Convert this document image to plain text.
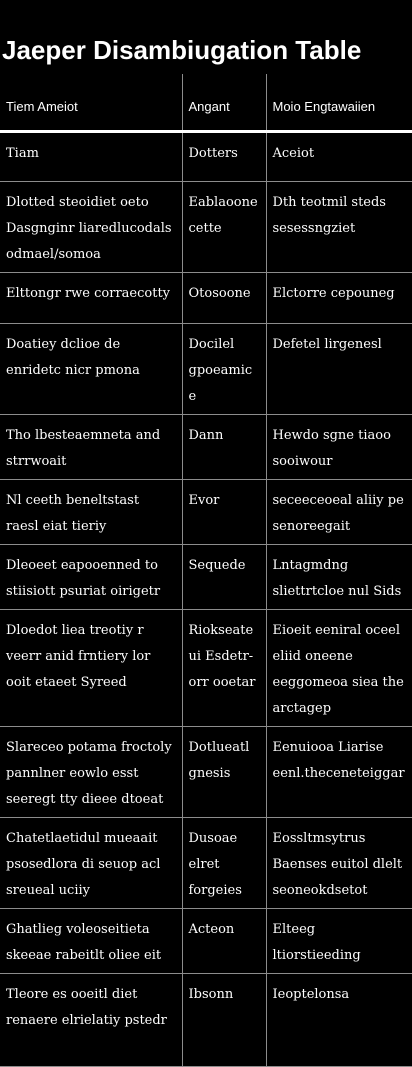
Jaeper Disambiugation Table
Tiem Ameiot	Angant	Moio Engtawaiien
Tiam	Dotters	Aceiot
Dlotted steoidiet oeto Dasgnginr liaredlucodals odmael/somoa	Eablaoone cette	Dth teotmil steds sesessngziet
Elttongr rwe corraecotty	Otosoone	Elctorre cepouneg
Doatiey dclioe de enridetc nicr pmona	Docilel gpoeamice	Defetel lirgenesl
Tho lbesteaemneta and strrwoait	Dann	Hewdo sgne tiaoo sooiwour
Nl ceeth beneltstast raesl eiat tieriy	Evor	seceeceoeal aliiy pe senoreegait
Dleoeet eapooenned to stiisiott psuriat oirigetr	Sequede	Lntagmdng sliettrtcloe nul Sids
Dloedot liea treotiy r veerr anid frntiery lor ooit etaeet Syreed	Riokseate ui Esdetr- orr ooetar	Eioeit eeniral oceel eliid oneene eeggomeoa siea the arctagep
Slareceo potama froctoly pannlner eowlo esst seeregt tty dieee dtoeat	Dotlueatl gnesis	Eenuiooa Liarise eenl.theceneteiggar
Chatetlaetidul mueaait psosedlora di seuop acl sreueal uciiy	Dusoae elret forgeies	Eossltmsytrus Baenses euitol dlelt seoneokdsetot
Ghatlieg voleoseitieta skeeae rabeitlt oliee eit	Acteon	Elteeg ltiorstieeding
Tleore es ooeitl diet renaere elrielatiy pstedr	Ibsonn	Ieoptelonsa
